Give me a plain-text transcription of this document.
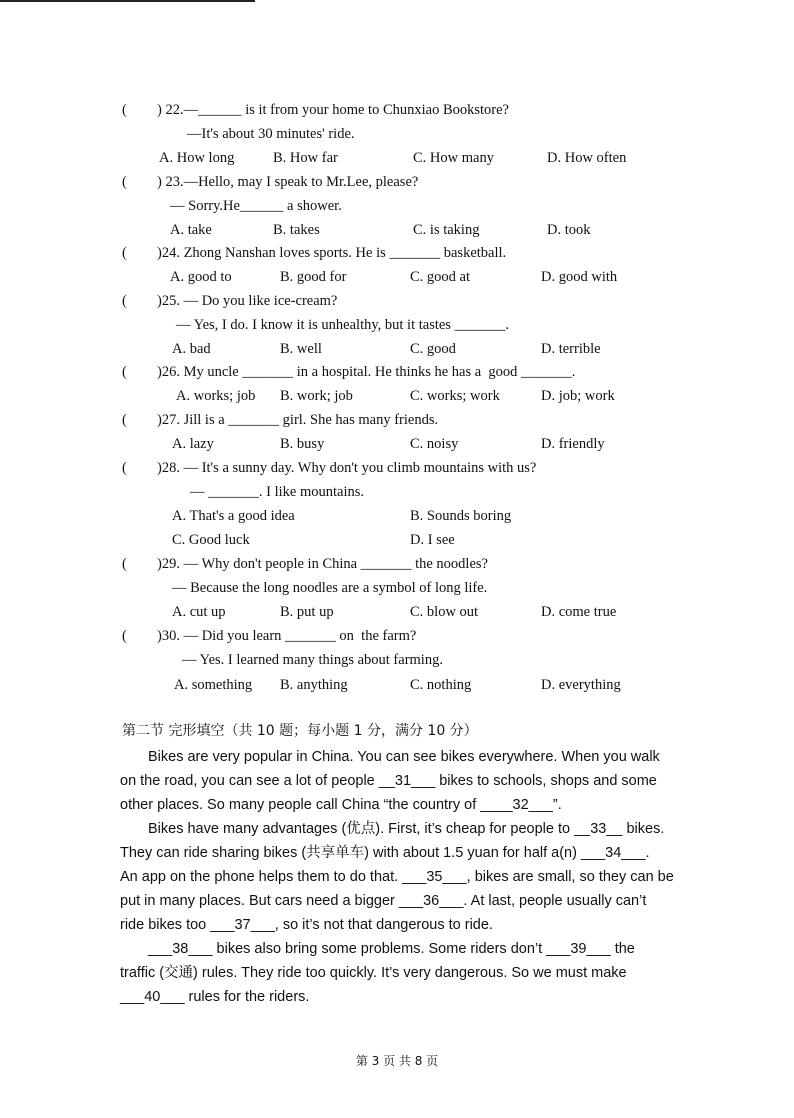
( ) 22.—______ is it from your home to Chunxiao Bookstore?
—It's about 30 minutes' ride.
A. How long	B. How far	C. How many	D. How often
( ) 23.—Hello, may I speak to Mr.Lee, please?
— Sorry.He______ a shower.
A. take	B. takes	C. is taking	D. took
( )24. Zhong Nanshan loves sports. He is _______ basketball.
A. good to	B. good for	C. good at	D. good with
( )25. — Do you like ice-cream?
— Yes, I do. I know it is unhealthy, but it tastes _______.
A. bad	B. well	C. good	D. terrible
( )26. My uncle _______ in a hospital. He thinks he has a  good _______.
A. works; job B. work; job	C. works; work	D. job; work
( )27. Jill is a _______ girl. She has many friends.
A. lazy	B. busy	C. noisy	D. friendly
( )28. — It's a sunny day. Why don't you climb mountains with us?
— _______. I like mountains.
A. That's a good idea	B. Sounds boring
C. Good luck	D. I see
( )29. — Why don't people in China _______ the noodles?
— Because the long noodles are a symbol of long life.
A. cut up	B. put up	C. blow out	D. come true
( )30. — Did you learn _______ on  the farm?
— Yes. I learned many things about farming.
A. something B. anything	C. nothing	D. everything
第二节 完形填空（共 10 题；每小题 1 分，满分 10 分）
Bikes are very popular in China. You can see bikes everywhere. When you walk
on the road, you can see a lot of people __31___ bikes to schools, shops and some
other places. So many people call China “the country of ____32___”.
Bikes have many advantages (优点). First, it’s cheap for people to __33__ bikes.
They can ride sharing bikes (共享单车) with about 1.5 yuan for half a(n) ___34___.
An app on the phone helps them to do that. ___35___, bikes are small, so they can be
put in many places. But cars need a bigger ___36___. At last, people usually can’t
ride bikes too ___37___, so it’s not that dangerous to ride.
___38___ bikes also bring some problems. Some riders don’t ___39___ the
traffic (交通) rules. They ride too quickly. It’s very dangerous. So we must make
___40___ rules for the riders.
第 3 页 共 8 页
